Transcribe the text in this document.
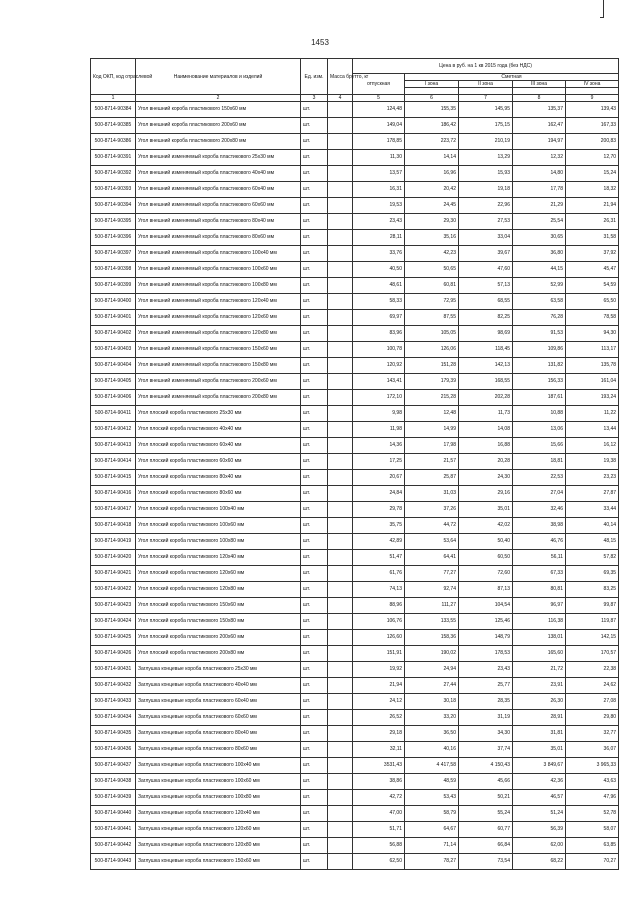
1453
Код ОКП, код отраслевой	Наименование материалов и изделий	Ед. изм.	Масса брутто, кг	Цена в руб. на 1 кв 2015 года (без НДС)				
				отпускная	Сметная			
					I зона	II зона	III зона	IV зона

1	2	3	4	5	6	7	8	9
500-8714-90384	Угол внешний короба пластикового 150х60 мм	шт.		124,48	155,35	145,95	135,37	139,43
500-8714-90385	Угол внешний короба пластикового 200х60 мм	шт.		149,04	186,42	175,15	162,47	167,33
500-8714-90386	Угол внешний короба пластикового 200х80 мм	шт.		178,85	223,72	210,19	194,97	200,83
500-8714-90391	Угол внешний изменяемый короба пластикового 25х30 мм	шт.		11,30	14,14	13,29	12,32	12,70
500-8714-90392	Угол внешний изменяемый короба пластикового 40х40 мм	шт.		13,57	16,96	15,93	14,80	15,24
500-8714-90393	Угол внешний изменяемый короба пластикового 60х40 мм	шт.		16,31	20,42	19,18	17,78	18,32
500-8714-90394	Угол внешний изменяемый короба пластикового 60х60 мм	шт.		19,53	24,45	22,96	21,29	21,94
500-8714-90395	Угол внешний изменяемый короба пластикового 80х40 мм	шт.		23,43	29,30	27,53	25,54	26,31
500-8714-90396	Угол внешний изменяемый короба пластикового 80х60 мм	шт.		28,11	35,16	33,04	30,65	31,58
500-8714-90397	Угол внешний изменяемый короба пластикового 100х40 мм	шт.		33,76	42,23	39,67	36,80	37,92
500-8714-90398	Угол внешний изменяемый короба пластикового 100х60 мм	шт.		40,50	50,65	47,60	44,15	45,47
500-8714-90399	Угол внешний изменяемый короба пластикового 100х80 мм	шт.		48,61	60,81	57,13	52,99	54,59
500-8714-90400	Угол внешний изменяемый короба пластикового 120х40 мм	шт.		58,33	72,95	68,55	63,58	65,50
500-8714-90401	Угол внешний изменяемый короба пластикового 120х60 мм	шт.		69,97	87,55	82,25	76,28	78,58
500-8714-90402	Угол внешний изменяемый короба пластикового 120х80 мм	шт.		83,96	105,05	98,69	91,53	94,30
500-8714-90403	Угол внешний изменяемый короба пластикового 150х60 мм	шт.		100,78	126,06	118,45	109,86	113,17
500-8714-90404	Угол внешний изменяемый короба пластикового 150х80 мм	шт.		120,92	151,28	142,13	131,82	135,78
500-8714-90405	Угол внешний изменяемый короба пластикового 200х60 мм	шт.		143,41	179,39	168,55	156,33	161,04
500-8714-90406	Угол внешний изменяемый короба пластикового 200х80 мм	шт.		172,10	215,28	202,28	187,61	193,24
500-8714-90411	Угол плоский короба пластикового 25х30 мм	шт.		9,98	12,48	11,73	10,88	11,22
500-8714-90412	Угол плоский короба пластикового 40х40 мм	шт.		11,98	14,99	14,08	13,06	13,44
500-8714-90413	Угол плоский короба пластикового 60х40 мм	шт.		14,36	17,98	16,88	15,66	16,12
500-8714-90414	Угол плоский короба пластикового 60х60 мм	шт.		17,25	21,57	20,28	18,81	19,38
500-8714-90415	Угол плоский короба пластикового 80х40 мм	шт.		20,67	25,87	24,30	22,53	23,23
500-8714-90416	Угол плоский короба пластикового 80х60 мм	шт.		24,84	31,03	29,16	27,04	27,87
500-8714-90417	Угол плоский короба пластикового 100х40 мм	шт.		29,78	37,26	35,01	32,46	33,44
500-8714-90418	Угол плоский короба пластикового 100х60 мм	шт.		35,75	44,72	42,02	38,98	40,14
500-8714-90419	Угол плоский короба пластикового 100х80 мм	шт.		42,89	53,64	50,40	46,76	48,15
500-8714-90420	Угол плоский короба пластикового 120х40 мм	шт.		51,47	64,41	60,50	56,11	57,82
500-8714-90421	Угол плоский короба пластикового 120х60 мм	шт.		61,76	77,27	72,60	67,33	69,35
500-8714-90422	Угол плоский короба пластикового 120х80 мм	шт.		74,13	92,74	87,13	80,81	83,25
500-8714-90423	Угол плоский короба пластикового 150х60 мм	шт.		88,96	111,27	104,54	96,97	99,87
500-8714-90424	Угол плоский короба пластикового 150х80 мм	шт.		106,76	133,55	125,46	116,38	119,87
500-8714-90425	Угол плоский короба пластикового 200х60 мм	шт.		126,60	158,36	148,79	138,01	142,15
500-8714-90426	Угол плоский короба пластикового 200х80 мм	шт.		151,91	190,02	178,53	165,60	170,57
500-8714-90431	Заглушка концевые короба пластикового 25х30 мм	шт.		19,92	24,94	23,43	21,72	22,38
500-8714-90432	Заглушка концевые короба пластикового 40х40 мм	шт.		21,94	27,44	25,77	23,91	24,62
500-8714-90433	Заглушка концевые короба пластикового 60х40 мм	шт.		24,12	30,18	28,35	26,30	27,08
500-8714-90434	Заглушка концевые короба пластикового 60х60 мм	шт.		26,52	33,20	31,19	28,91	29,80
500-8714-90435	Заглушка концевые короба пластикового 80х40 мм	шт.		29,18	36,50	34,30	31,81	32,77
500-8714-90436	Заглушка концевые короба пластикового 80х60 мм	шт.		32,11	40,16	37,74	35,01	36,07
500-8714-90437	Заглушка концевые короба пластикового 100х40 мм	шт.		3531,43	4 417,58	4 150,43	3 849,67	3 965,33
500-8714-90438	Заглушка концевые короба пластикового 100х60 мм	шт.		38,86	48,59	45,66	42,36	43,63
500-8714-90439	Заглушка концевые короба пластикового 100х80 мм	шт.		42,72	53,43	50,21	46,57	47,96
500-8714-90440	Заглушка концевые короба пластикового 120х40 мм	шт.		47,00	58,79	55,24	51,24	52,78
500-8714-90441	Заглушка концевые короба пластикового 120х60 мм	шт.		51,71	64,67	60,77	56,39	58,07
500-8714-90442	Заглушка концевые короба пластикового 120х80 мм	шт.		56,88	71,14	66,84	62,00	63,85
500-8714-90443	Заглушка концевые короба пластикового 150х60 мм	шт.		62,50	78,27	73,54	68,22	70,27
